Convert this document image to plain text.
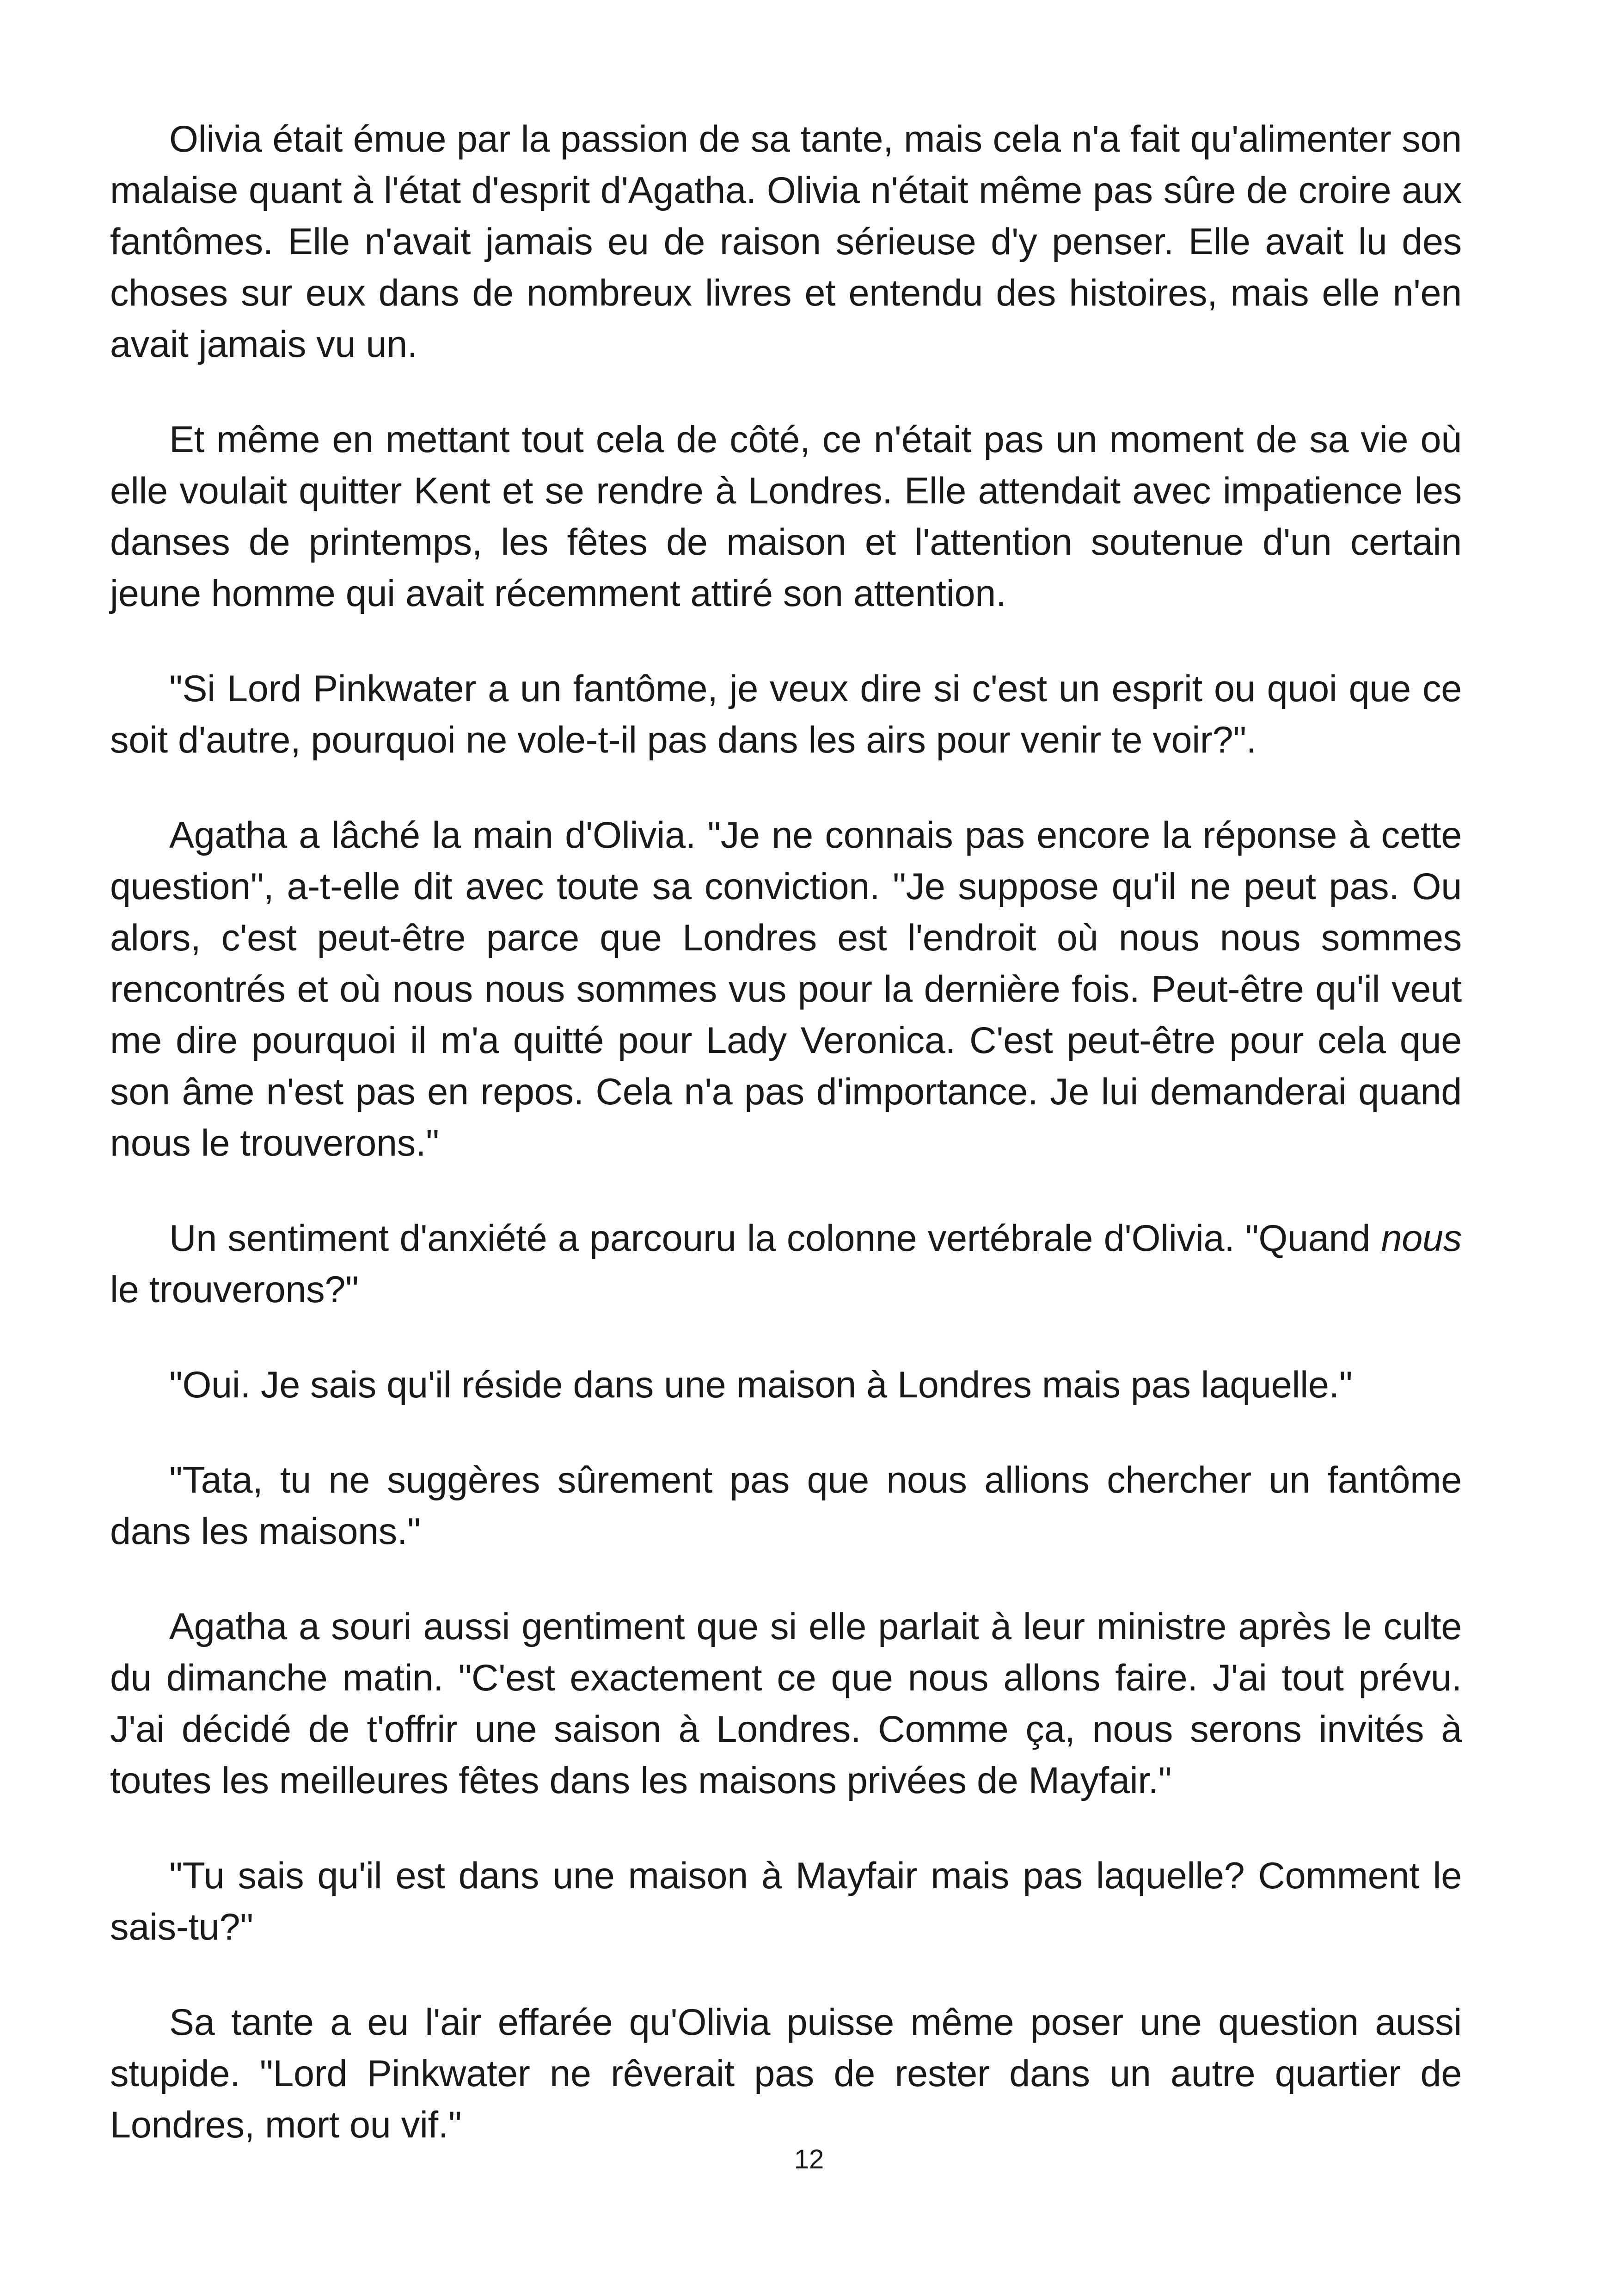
Olivia était émue par la passion de sa tante, mais cela n'a fait qu'alimenter son malaise quant à l'état d'esprit d'Agatha. Olivia n'était même pas sûre de croire aux fantômes. Elle n'avait jamais eu de raison sérieuse d'y penser. Elle avait lu des choses sur eux dans de nombreux livres et entendu des histoires, mais elle n'en avait jamais vu un.

Et même en mettant tout cela de côté, ce n'était pas un moment de sa vie où elle voulait quitter Kent et se rendre à Londres. Elle attendait avec impatience les danses de printemps, les fêtes de maison et l'attention soutenue d'un certain jeune homme qui avait récemment attiré son attention.

"Si Lord Pinkwater a un fantôme, je veux dire si c'est un esprit ou quoi que ce soit d'autre, pourquoi ne vole-t-il pas dans les airs pour venir te voir?".

Agatha a lâché la main d'Olivia. "Je ne connais pas encore la réponse à cette question", a-t-elle dit avec toute sa conviction. "Je suppose qu'il ne peut pas. Ou alors, c'est peut-être parce que Londres est l'endroit où nous nous sommes rencontrés et où nous nous sommes vus pour la dernière fois. Peut-être qu'il veut me dire pourquoi il m'a quitté pour Lady Veronica. C'est peut-être pour cela que son âme n'est pas en repos. Cela n'a pas d'importance. Je lui demanderai quand nous le trouverons."

Un sentiment d'anxiété a parcouru la colonne vertébrale d'Olivia. "Quand nous le trouverons?"

"Oui. Je sais qu'il réside dans une maison à Londres mais pas laquelle."

"Tata, tu ne suggères sûrement pas que nous allions chercher un fantôme dans les maisons."

Agatha a souri aussi gentiment que si elle parlait à leur ministre après le culte du dimanche matin. "C'est exactement ce que nous allons faire. J'ai tout prévu. J'ai décidé de t'offrir une saison à Londres. Comme ça, nous serons invités à toutes les meilleures fêtes dans les maisons privées de Mayfair."

"Tu sais qu'il est dans une maison à Mayfair mais pas laquelle? Comment le sais-tu?"

Sa tante a eu l'air effarée qu'Olivia puisse même poser une question aussi stupide. "Lord Pinkwater ne rêverait pas de rester dans un autre quartier de Londres, mort ou vif."

12
